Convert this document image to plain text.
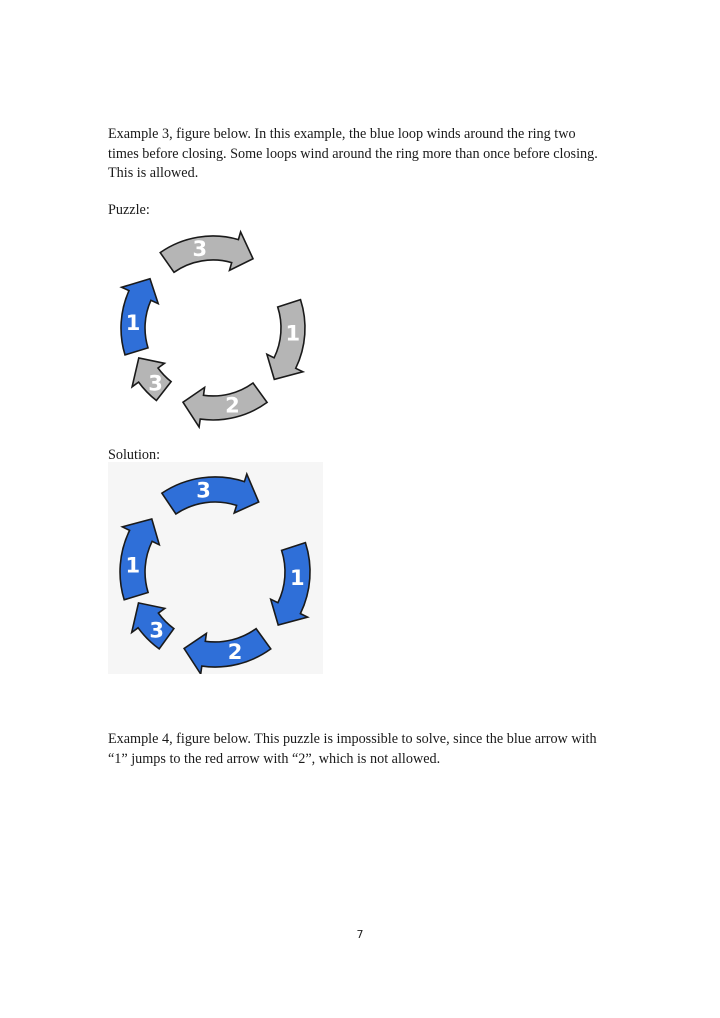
Example 3, figure below. In this example, the blue loop winds around the ring two
times before closing. Some loops wind around the ring more than once before closing.
This is allowed.

Puzzle:

1
3
1
2
3

Solution:

1
3
1
2
3

Example 4, figure below. This puzzle is impossible to solve, since the blue arrow with
“1” jumps to the red arrow with “2”, which is not allowed.

7
